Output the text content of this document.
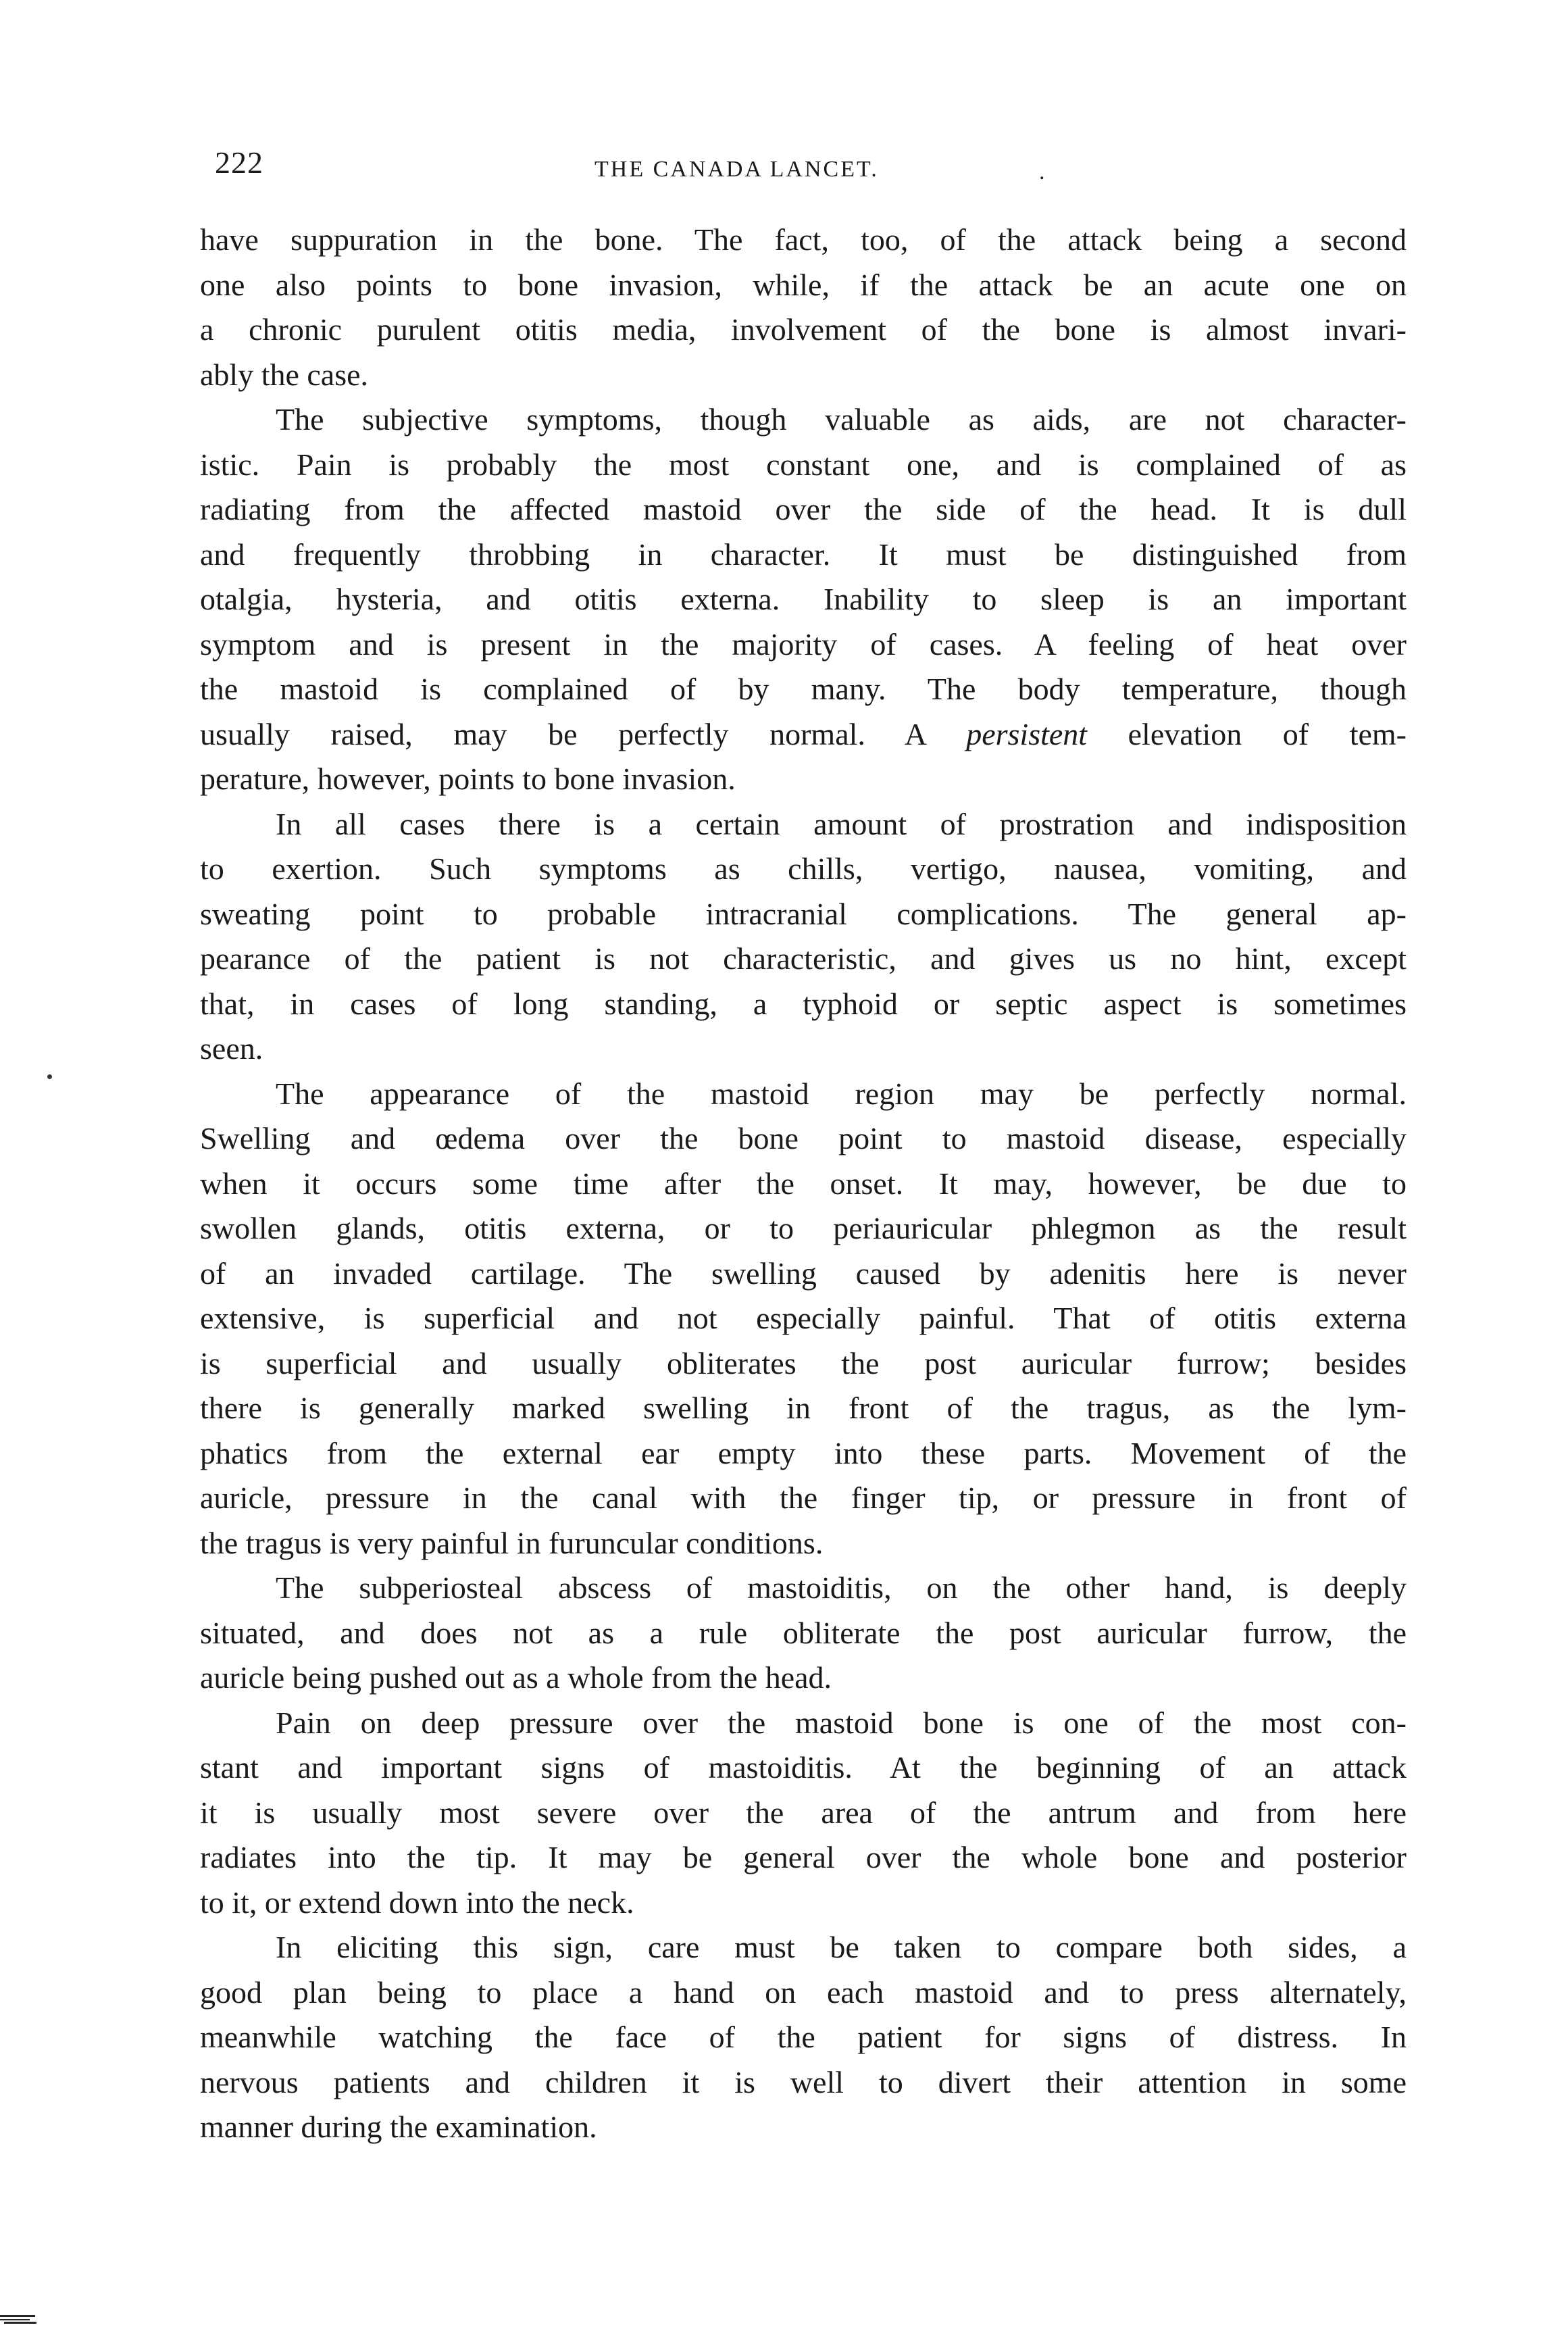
222	THE CANADA LANCET.	.
have suppuration in the bone. The fact, too, of the attack being a second
one also points to bone invasion, while, if the attack be an acute one on
a chronic purulent otitis media, involvement of the bone is almost invari-
ably the case.
The subjective symptoms, though valuable as aids, are not character-
istic. Pain is probably the most constant one, and is complained of as
radiating from the affected mastoid over the side of the head. It is dull
and frequently throbbing in character. It must be distinguished from
otalgia, hysteria, and otitis externa. Inability to sleep is an important
symptom and is present in the majority of cases. A feeling of heat over
the mastoid is complained of by many. The body temperature, though
usually raised, may be perfectly normal. A persistent elevation of tem-
perature, however, points to bone invasion.
In all cases there is a certain amount of prostration and indisposition
to exertion. Such symptoms as chills, vertigo, nausea, vomiting, and
sweating point to probable intracranial complications. The general ap-
pearance of the patient is not characteristic, and gives us no hint, except
that, in cases of long standing, a typhoid or septic aspect is sometimes
seen.
The appearance of the mastoid region may be perfectly normal.
Swelling and œdema over the bone point to mastoid disease, especially
when it occurs some time after the onset. It may, however, be due to
swollen glands, otitis externa, or to periauricular phlegmon as the result
of an invaded cartilage. The swelling caused by adenitis here is never
extensive, is superficial and not especially painful. That of otitis externa
is superficial and usually obliterates the post auricular furrow; besides
there is generally marked swelling in front of the tragus, as the lym-
phatics from the external ear empty into these parts. Movement of the
auricle, pressure in the canal with the finger tip, or pressure in front of
the tragus is very painful in furuncular conditions.
The subperiosteal abscess of mastoiditis, on the other hand, is deeply
situated, and does not as a rule obliterate the post auricular furrow, the
auricle being pushed out as a whole from the head.
Pain on deep pressure over the mastoid bone is one of the most con-
stant and important signs of mastoiditis. At the beginning of an attack
it is usually most severe over the area of the antrum and from here
radiates into the tip. It may be general over the whole bone and posterior
to it, or extend down into the neck.
In eliciting this sign, care must be taken to compare both sides, a
good plan being to place a hand on each mastoid and to press alternately,
meanwhile watching the face of the patient for signs of distress. In
nervous patients and children it is well to divert their attention in some
manner during the examination.
